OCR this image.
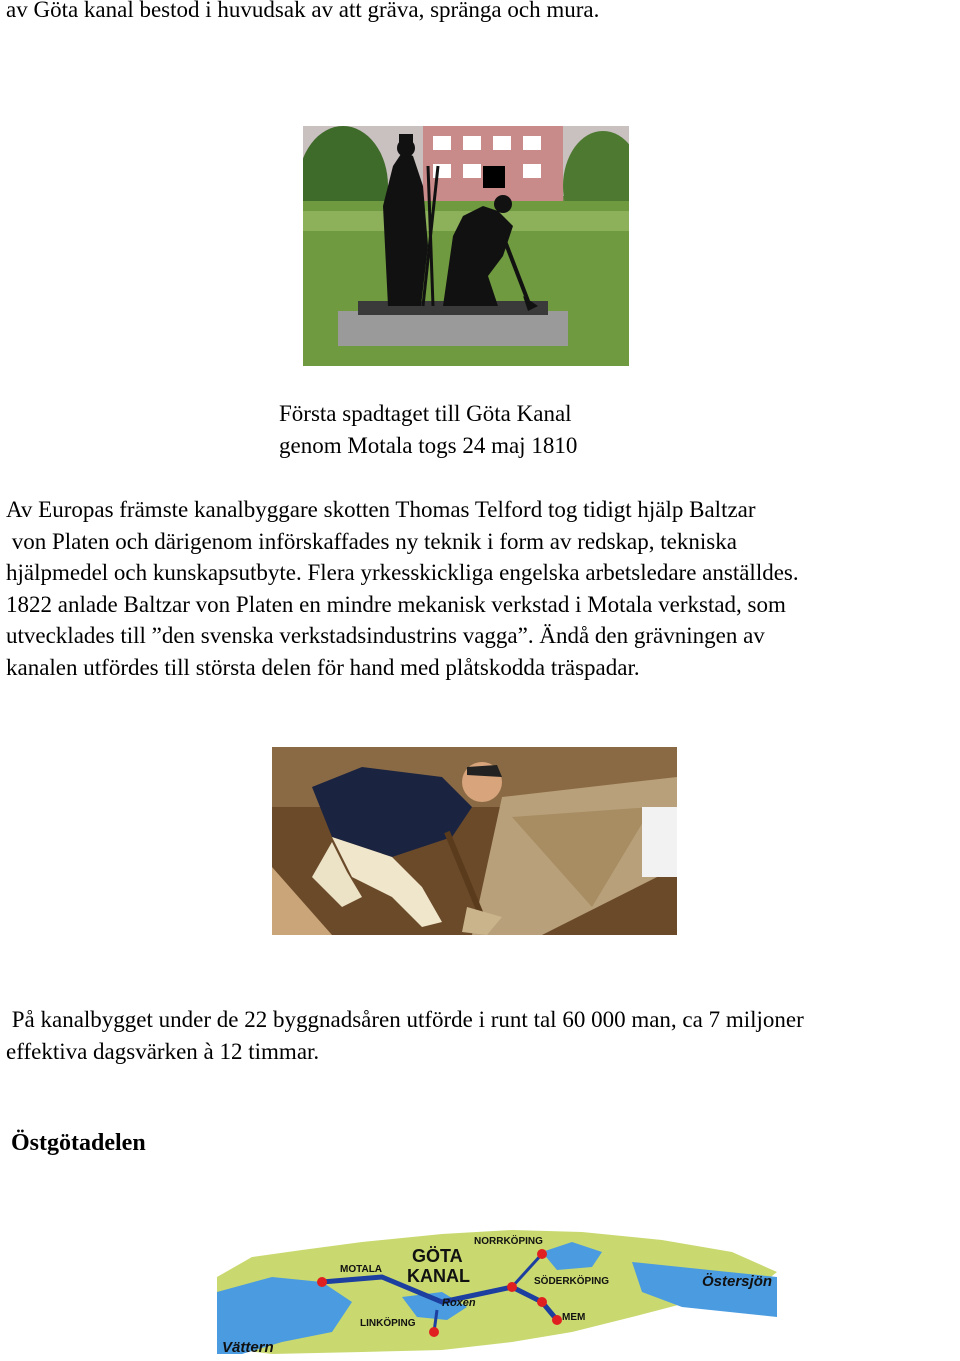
av Göta kanal bestod i huvudsak av att gräva, spränga och mura.
Första spadtaget till Göta Kanal
genom Motala togs 24 maj 1810
Av Europas främste kanalbyggare skotten Thomas Telford tog tidigt hjälp Baltzar
von Platen och därigenom införskaffades ny teknik i form av redskap, tekniska
hjälpmedel och kunskapsutbyte. Flera yrkesskickliga engelska arbetsledare anställdes.
1822 anlade Baltzar von Platen en mindre mekanisk verkstad i Motala verkstad, som
utvecklades till ”den svenska verkstadsindustrins vagga”. Ändå den grävningen av
kanalen utfördes till största delen för hand med plåtskodda träspadar.
På kanalbygget under de 22 byggnadsåren utförde i runt tal 60 000 man, ca 7 miljoner
effektiva dagsvärken à 12 timmar.
Östgötadelen
GÖTA
KANAL
MOTALA
NORRKÖPING
SÖDERKÖPING
LINKÖPING
MEM
Roxen
Östersjön
Vättern
